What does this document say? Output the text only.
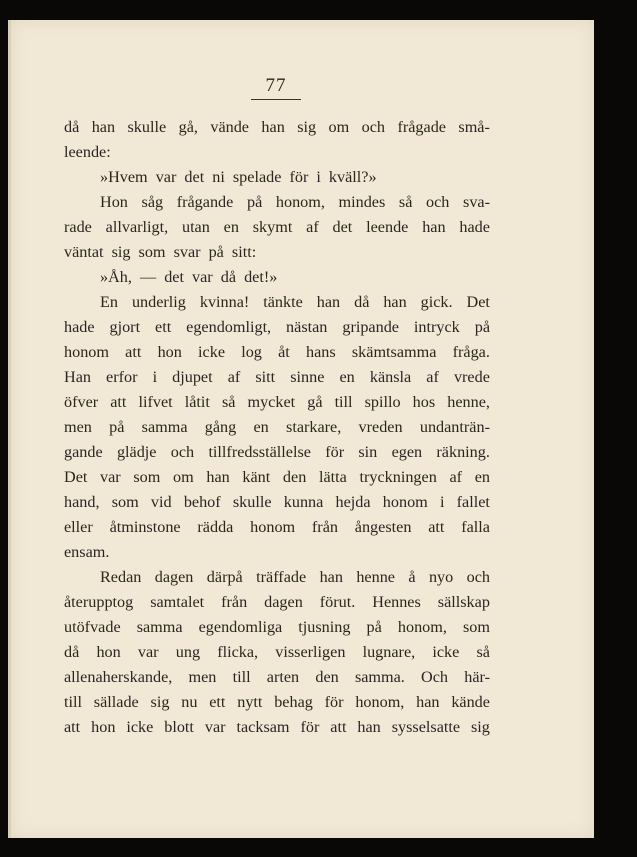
77
då han skulle gå, vände han sig om och frågade små-
leende:
»Hvem var det ni spelade för i kväll?»
Hon såg frågande på honom, mindes så och sva-
rade allvarligt, utan en skymt af det leende han hade
väntat sig som svar på sitt:
»Åh, — det var då det!»
En underlig kvinna! tänkte han då han gick. Det
hade gjort ett egendomligt, nästan gripande intryck på
honom att hon icke log åt hans skämtsamma fråga.
Han erfor i djupet af sitt sinne en känsla af vrede
öfver att lifvet låtit så mycket gå till spillo hos henne,
men på samma gång en starkare, vreden undanträn-
gande glädje och tillfredsställelse för sin egen räkning.
Det var som om han känt den lätta tryckningen af en
hand, som vid behof skulle kunna hejda honom i fallet
eller åtminstone rädda honom från ångesten att falla
ensam.
Redan dagen därpå träffade han henne å nyo och
återupptog samtalet från dagen förut. Hennes sällskap
utöfvade samma egendomliga tjusning på honom, som
då hon var ung flicka, visserligen lugnare, icke så
allenaherskande, men till arten den samma. Och här-
till sällade sig nu ett nytt behag för honom, han kände
att hon icke blott var tacksam för att han sysselsatte sig
